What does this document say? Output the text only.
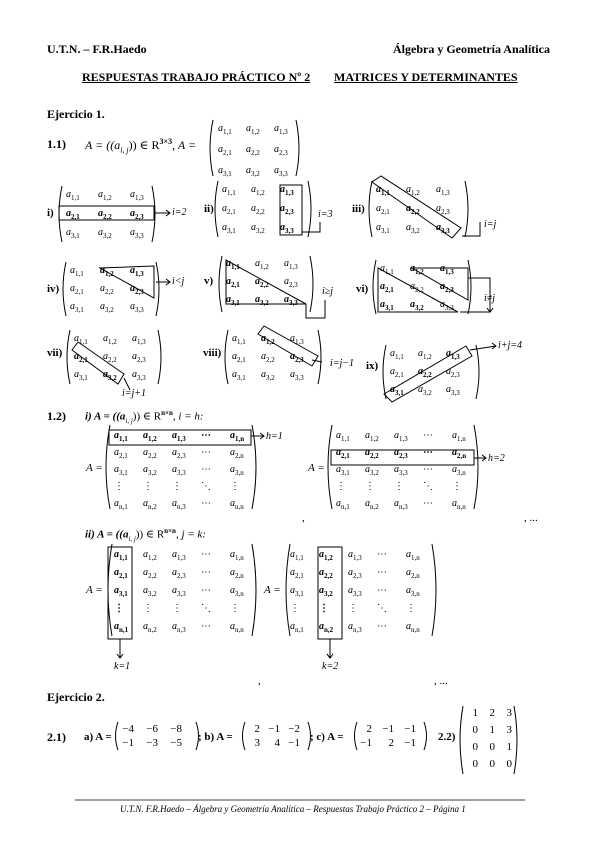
U.T.N. – F.R.Haedo	Álgebra y Geometría Analítica
RESPUESTAS TRABAJO PRÁCTICO Nº 2 MATRICES Y DETERMINANTES
Ejercicio 1.
1.1) $A = ((a_{i, j}))$ ∈ $R^{3\times 3}$, A =
$a_{1,1}$ $a_{1,2}$ $a_{1,3}$
$a_{2,1}$ $a_{2,2}$ $a_{2,3}$
$a_{3,1}$ $a_{3,2}$ $a_{3,3}$
$a_{1,1}$ $a_{1,2}$ $a_{1,3}$
$a_{2,1}$ $a_{2,2}$ $a_{2,3}$
$a_{3,1}$ $a_{3,2}$ $a_{3,3}$
$a_{1,1}$ $a_{1,2}$ $a_{1,3}$
$a_{2,1}$ $a_{2,2}$ $a_{2,3}$
$a_{3,1}$ $a_{3,2}$ $a_{3,3}$
$a_{1,1}$ $a_{1,2}$ $a_{1,3}$
$a_{2,1}$ $a_{2,2}$ $a_{2,3}$
$a_{3,1}$ $a_{3,2}$ $a_{3,3}$
$a_{1,1}$ $a_{1,2}$ $a_{1,3}$
$a_{2,1}$ $a_{2,2}$ $a_{2,3}$
$a_{3,1}$ $a_{3,2}$ $a_{3,3}$
$a_{1,1}$ $a_{1,2}$ $a_{1,3}$
$a_{2,1}$ $a_{2,2}$ $a_{2,3}$
$a_{3,1}$ $a_{3,2}$ $a_{3,3}$
$a_{1,1}$ $a_{1,2}$ $a_{1,3}$
$a_{2,1}$ $a_{2,2}$ $a_{2,3}$
$a_{3,1}$ $a_{3,2}$ $a_{3,3}$
$a_{1,1}$ $a_{1,2}$ $a_{1,3}$
$a_{2,1}$ $a_{2,2}$ $a_{2,3}$
$a_{3,1}$ $a_{3,2}$ $a_{3,3}$
$a_{1,1}$ $a_{1,2}$ $a_{1,3}$
$a_{2,1}$ $a_{2,2}$ $a_{2,3}$
$a_{3,1}$ $a_{3,2}$ $a_{3,3}$
$a_{1,1}$ $a_{1,2}$ $a_{1,3}$
$a_{2,1}$ $a_{2,2}$ $a_{2,3}$
$a_{3,1}$ $a_{3,2}$ $a_{3,3}$
$a_{1,1}$ $a_{1,2}$ $a_{1,3}$ ⋯ $a_{1,n}$
$a_{2,1}$ $a_{2,2}$ $a_{2,3}$ ⋯ $a_{2,n}$
$a_{3,1}$ $a_{3,2}$ $a_{3,3}$ ⋯ $a_{3,n}$
⋮ ⋮ ⋮ ⋱ ⋮
$a_{n,1}$ $a_{n,2}$ $a_{n,3}$ ⋯ $a_{n,n}$
$a_{1,1}$ $a_{1,2}$ $a_{1,3}$ ⋯ $a_{1,n}$
$a_{2,1}$ $a_{2,2}$ $a_{2,3}$ ⋯ $a_{2,n}$
$a_{3,1}$ $a_{3,2}$ $a_{3,3}$ ⋯ $a_{3,n}$
⋮ ⋮ ⋮ ⋱ ⋮
$a_{n,1}$ $a_{n,2}$ $a_{n,3}$ ⋯ $a_{n,n}$
$a_{1,1}$ $a_{1,2}$ $a_{1,3}$ ⋯ $a_{1,n}$
$a_{2,1}$ $a_{2,2}$ $a_{2,3}$ ⋯ $a_{2,n}$
$a_{3,1}$ $a_{3,2}$ $a_{3,3}$ ⋯ $a_{3,n}$
⋮ ⋮ ⋮ ⋱ ⋮
$a_{n,1}$ $a_{n,2}$ $a_{n,3}$ ⋯ $a_{n,n}$
$a_{1,1}$ $a_{1,2}$ $a_{1,3}$ ⋯ $a_{1,n}$
$a_{2,1}$ $a_{2,2}$ $a_{2,3}$ ⋯ $a_{2,n}$
$a_{3,1}$ $a_{3,2}$ $a_{3,3}$ ⋯ $a_{3,n}$
⋮ ⋮ ⋮ ⋱ ⋮
$a_{n,1}$ $a_{n,2}$ $a_{n,3}$ ⋯ $a_{n,n}$
−4	−6	−8
−1	−3	−5
2 −1 −2
3	4 −1
2 −1 −1
−1	2 −1
1	2	3
0	1	3
0	0	1
0	0	0
i)	i=2 ii)	i=3 iii)
i=j
iv)
i<j v)
i≥j vi)
i≠j
vii)
i=j+1
viii)
i=j−1 ix)
i+j=4
1.2) i) $A = ((a_{i, j}))$ ∈ $R^{n\times n}$, i = h:
h=1
h=2
A =	A =
,	, ...
ii) $A = ((a_{i, j}))$ ∈ $R^{n\times n}$, j = k:
A =	A =
k=1	k=2
,	, ...
Ejercicio 2.
2.1) a) A =	; b) A =	; c) A =	2.2)
U.T.N. F.R.Haedo – Álgebra y Geometría Analítica – Respuestas Trabajo Práctico 2 – Página 1
